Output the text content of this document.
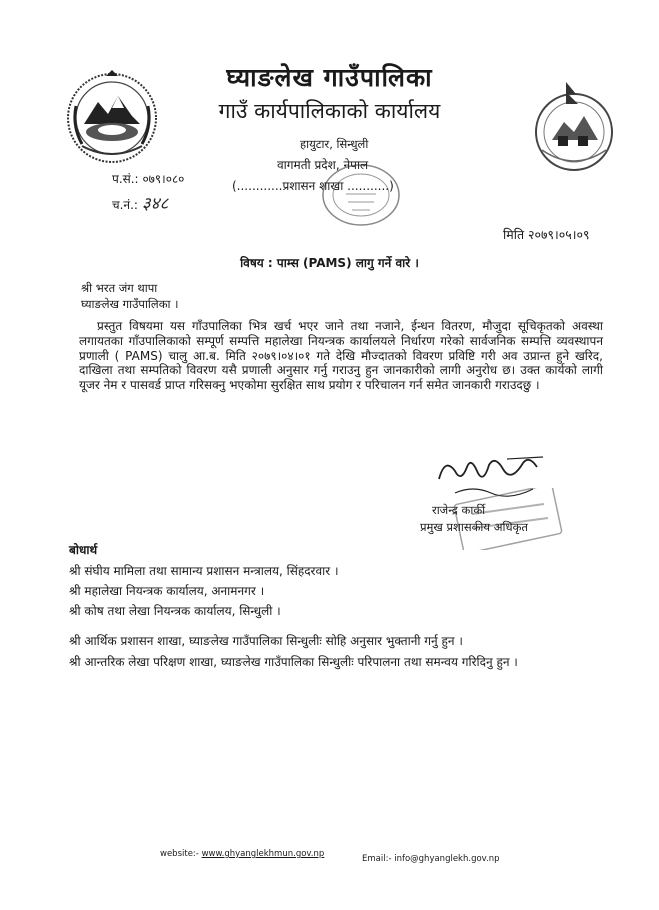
घ्याङलेख गाउँपालिका
गाउँ कार्यपालिकाको कार्यालय
हायुटार, सिन्धुली
वागमती प्रदेश, नेपाल
(............प्रशासन शाखा ...........)
प.सं.: ०७९।०८०
च.नं.: ३४८
मिति २०७९।०५।०९
विषय : पाम्स (PAMS) लागु गर्ने वारे ।
श्री भरत जंग थापा
घ्याङलेख गाउँपालिका ।
प्रस्तुत विषयमा यस गाँउपालिका भित्र खर्च भएर जाने तथा नजाने, ईन्धन वितरण, मौजुदा सूचिकृतको अवस्था लगायतका गाँउपालिकाको सम्पूर्ण सम्पत्ति महालेखा नियन्त्रक कार्यालयले निर्धारण गरेको सार्वजनिक सम्पत्ति व्यवस्थापन प्रणाली ( PAMS) चालु आ.ब. मिति २०७९।०४।०१ गते देखि मौज्दातको विवरण प्रविष्टि गरी अव उप्रान्त हुने खरिद, दाखिला तथा सम्पतिको विवरण यसै प्रणाली अनुसार गर्नु गराउनु हुन जानकारीको लागी अनुरोध छ। उक्त कार्यको लागी यूजर नेम र पासवर्ड प्राप्त गरिसक्नु भएकोमा सुरक्षित साथ प्रयोग र परिचालन गर्न समेत जानकारी गराउदछु ।
राजेन्द्र कार्की
प्रमुख प्रशासकीय अधिकृत
बोधार्थ
श्री संघीय मामिला तथा सामान्य प्रशासन मन्त्रालय, सिंहदरवार ।
श्री महालेखा नियन्त्रक कार्यालय, अनामनगर ।
श्री कोष तथा लेखा नियन्त्रक कार्यालय, सिन्धुली ।
श्री आर्थिक प्रशासन शाखा, घ्याङलेख गाउँपालिका सिन्धुलीः सोहि अनुसार भुक्तानी गर्नु हुन ।
श्री आन्तरिक लेखा परिक्षण शाखा, घ्याङलेख गाउँपालिका सिन्धुलीः परिपालना तथा समन्वय गरिदिनु हुन ।
website:- www.ghyanglekhmun.gov.np	Email:- info@ghyanglekh.gov.np
